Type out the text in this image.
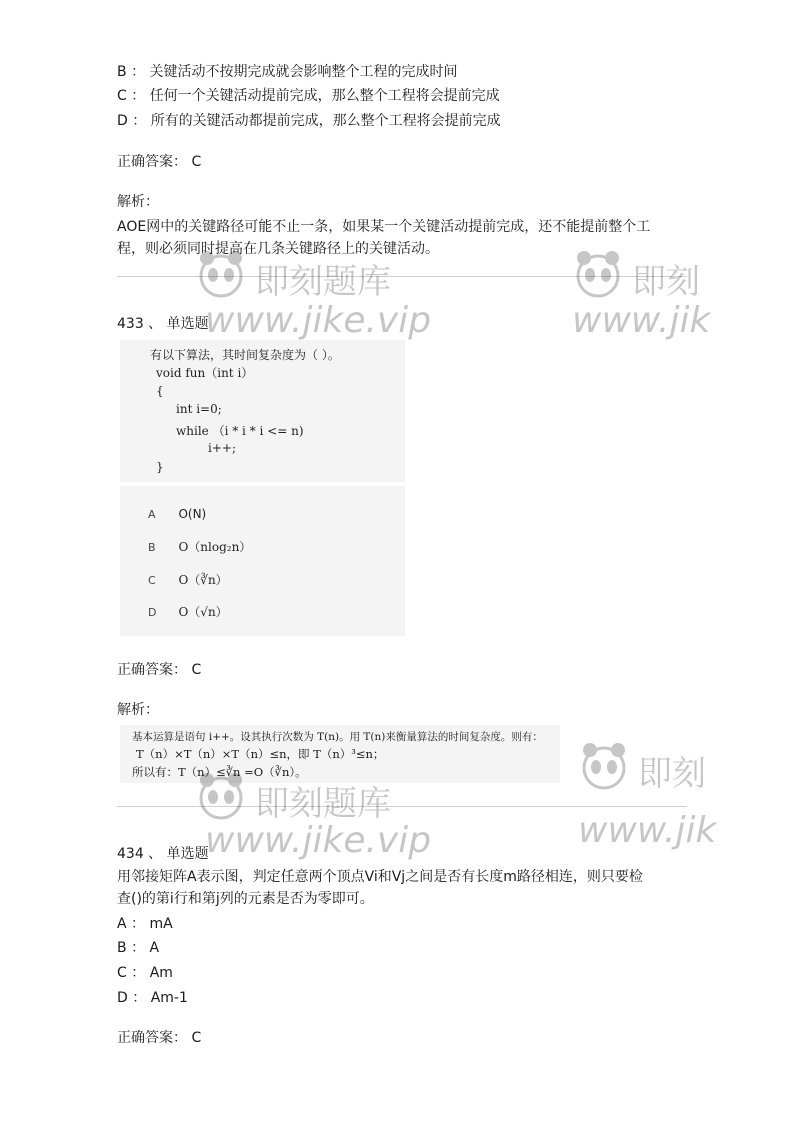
B ： 关键活动不按期完成就会影响整个工程的完成时间
C ： 任何一个关键活动提前完成，那么整个工程将会提前完成
D ： 所有的关键活动都提前完成，那么整个工程将会提前完成
正确答案： C
解析：
AOE网中的关键路径可能不止一条，如果某一个关键活动提前完成，还不能提前整个工
程，则必须同时提高在几条关键路径上的关键活动。
433 、 单选题
有以下算法，其时间复杂度为（ ）。
void fun（int i）
{
int i=0;
while （i * i * i <= n)
i++;
}
A O(N)
B O（nlog₂n）
C O（∛n）
D O（√n）
正确答案： C
解析：
基本运算是语句 i++。设其执行次数为 T(n)。用 T(n)来衡量算法的时间复杂度。则有：
T（n）×T（n）×T（n）≤n，即 T（n）³≤n；
所以有：T（n）≤∛n =O（∛n）。
434 、 单选题
用邻接矩阵A表示图，判定任意两个顶点Vi和Vj之间是否有长度m路径相连，则只要检
查()的第i行和第j列的元素是否为零即可。
A ： mA
B ： A
C ： Am
D ： Am-1
正确答案： C
即刻题库
www.jike.vip
即刻
www.jik
即刻题库
www.jike.vip
即刻
www.jik
